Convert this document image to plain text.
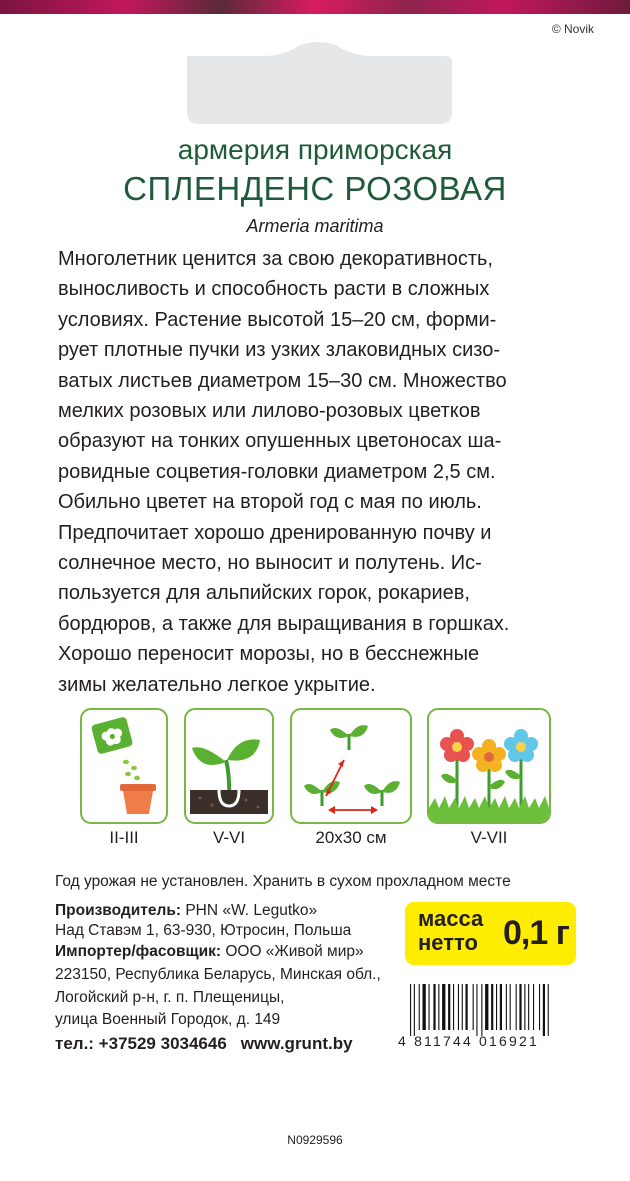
© Novik
армерия приморская
СПЛЕНДЕНС РОЗОВАЯ
Armeria maritima
Многолетник ценится за свою декоративность,
выносливость и способность расти в сложных
условиях. Растение высотой 15–20 см, форми-
рует плотные пучки из узких злаковидных сизо-
ватых листьев диаметром 15–30 см. Множество
мелких розовых или лилово-розовых цветков
образуют на тонких опушенных цветоносах ша-
ровидные соцветия-головки диаметром 2,5 см.
Обильно цветет на второй год с мая по июль.
Предпочитает хорошо дренированную почву и
солнечное место, но выносит и полутень. Ис-
пользуется для альпийских горок, рокариев,
бордюров, а также для выращивания в горшках.
Хорошо переносит морозы, но в бесснежные
зимы желательно легкое укрытие.
II-III	V-VI	20x30 см	V-VII
Год урожая не установлен. Хранить в сухом прохладном месте
Производитель: PHN «W. Legutko»
Над Ставэм 1, 63-930, Ютросин, Польша
Импортер/фасовщик: ООО «Живой мир»
223150, Республика Беларусь, Минская обл.,
Логойский р-н, г. п. Плещеницы,
улица Военный Городок, д. 149
тел.: +37529 3034646 www.grunt.by
масса
нетто 0,1 г
4 811744 016921
N0929596
